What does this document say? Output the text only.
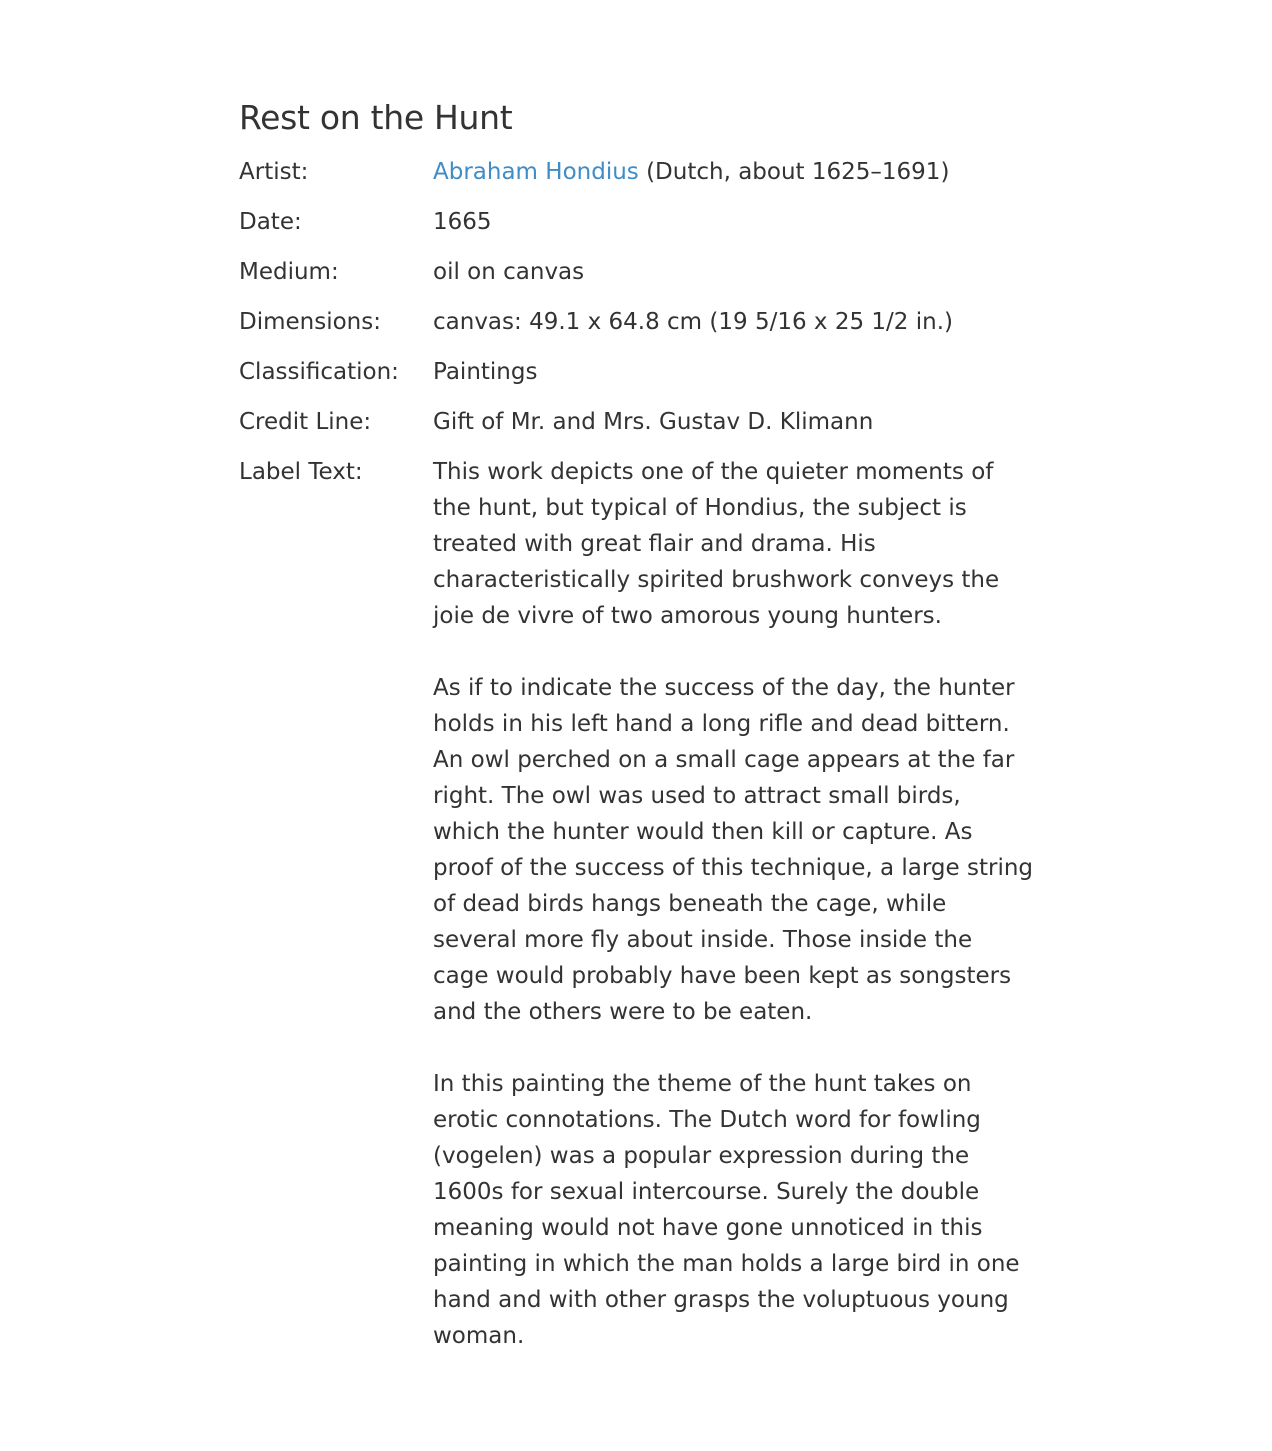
Rest on the Hunt
Artist:	Abraham Hondius (Dutch, about 1625–1691)
Date:	1665
Medium:	oil on canvas
Dimensions:	canvas: 49.1 x 64.8 cm (19 5/16 x 25 1/2 in.)
Classification:	Paintings
Credit Line:	Gift of Mr. and Mrs. Gustav D. Klimann
Label Text:	This work depicts one of the quieter moments of the hunt, but typical of Hondius, the subject is treated with great flair and drama. His characteristically spirited brushwork conveys the joie de vivre of two amorous young hunters.

As if to indicate the success of the day, the hunter holds in his left hand a long rifle and dead bittern. An owl perched on a small cage appears at the far right. The owl was used to attract small birds, which the hunter would then kill or capture. As proof of the success of this technique, a large string of dead birds hangs beneath the cage, while several more fly about inside. Those inside the cage would probably have been kept as songsters and the others were to be eaten.

In this painting the theme of the hunt takes on erotic connotations. The Dutch word for fowling (vogelen) was a popular expression during the 1600s for sexual intercourse. Surely the double meaning would not have gone unnoticed in this painting in which the man holds a large bird in one hand and with other grasps the voluptuous young woman.
